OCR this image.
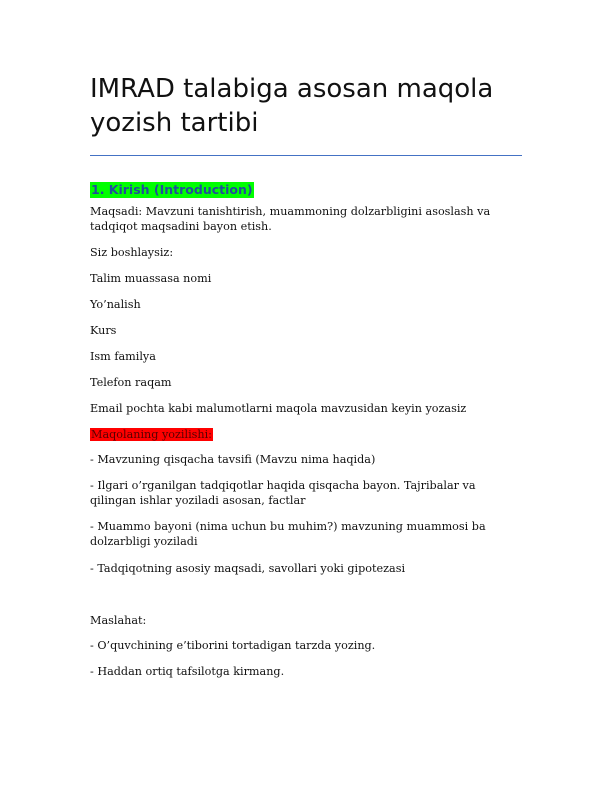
IMRAD talabiga asosan maqola yozish tartibi
1. Kirish (Introduction)

Maqsadi: Mavzuni tanishtirish, muammoning dolzarbligini asoslash va tadqiqot maqsadini bayon etish.

Siz boshlaysiz:

Talim muassasa nomi

Yo’nalish

Kurs

Ism familya

Telefon raqam

Email pochta kabi malumotlarni maqola mavzusidan keyin yozasiz

Maqolaning yozilishi:

- Mavzuning qisqacha tavsifi (Mavzu nima haqida)

- Ilgari o’rganilgan tadqiqotlar haqida qisqacha bayon. Tajribalar va qilingan ishlar yoziladi asosan, factlar

- Muammo bayoni (nima uchun bu muhim?) mavzuning muammosi ba dolzarbligi yoziladi

- Tadqiqotning asosiy maqsadi, savollari yoki gipotezasi

Maslahat:

- O’quvchining e’tiborini tortadigan tarzda yozing.

- Haddan ortiq tafsilotga kirmang.
